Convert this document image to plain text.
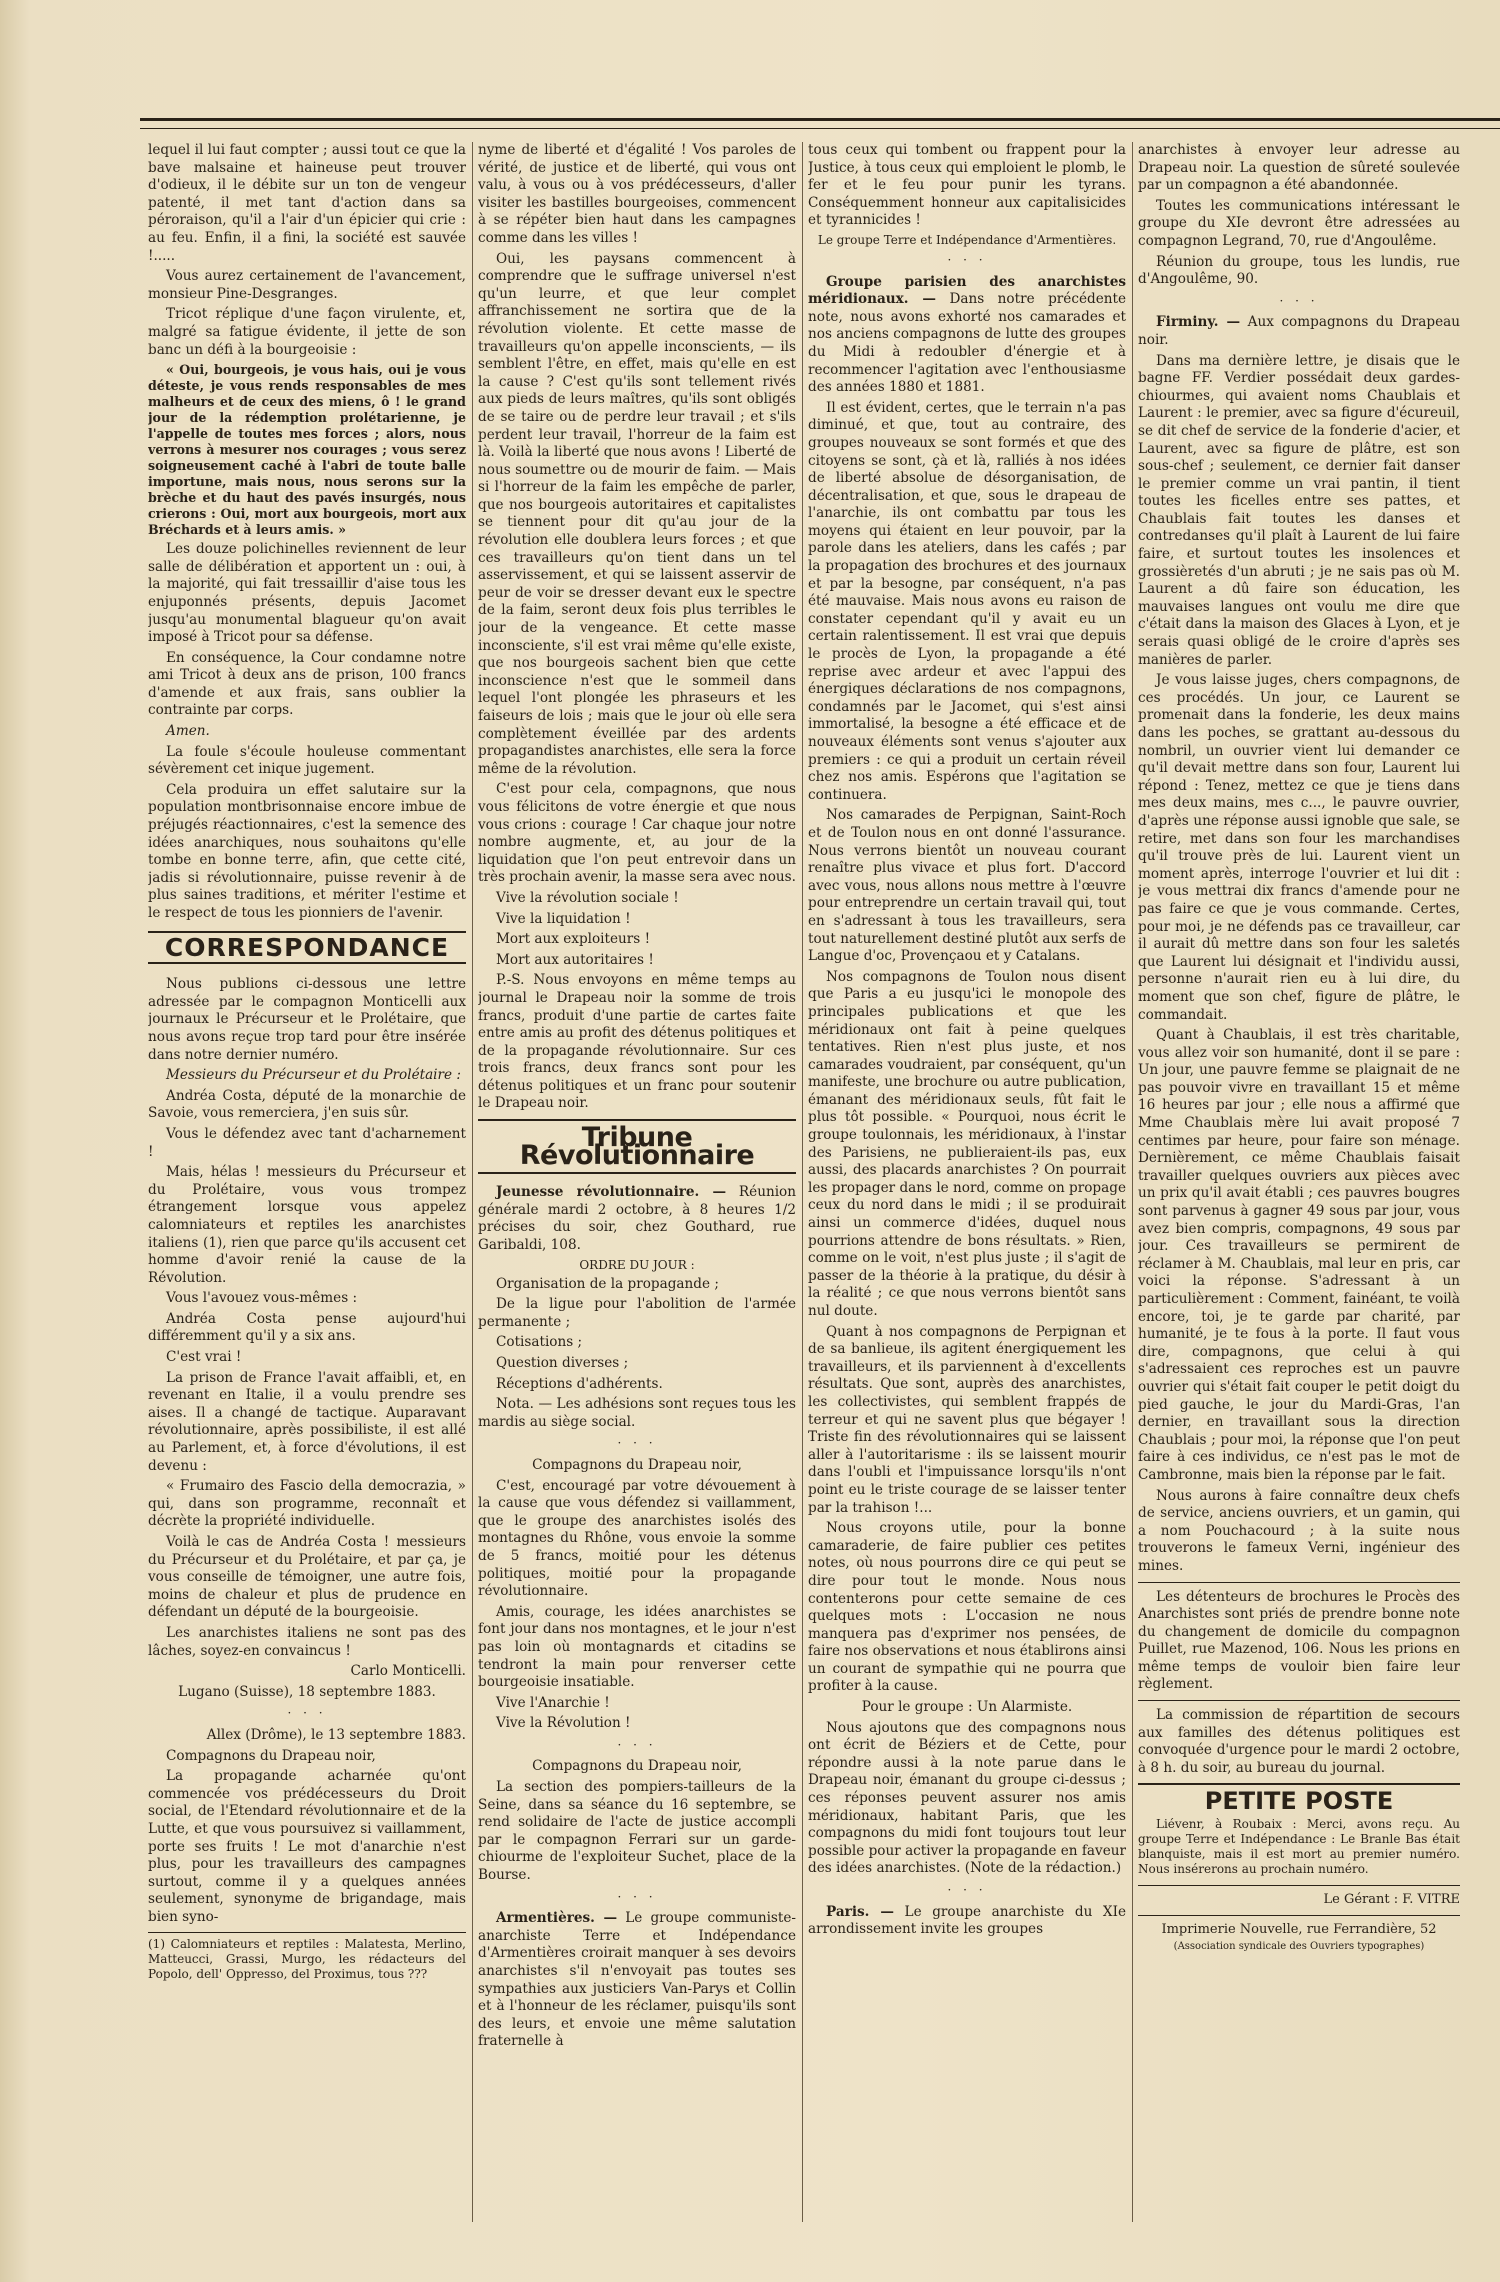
lequel il lui faut compter ; aussi tout ce que la bave malsaine et haineuse peut trouver d'odieux, il le débite sur un ton de vengeur patenté, il met tant d'action dans sa péroraison, qu'il a l'air d'un épicier qui crie : au feu. Enfin, il a fini, la société est sauvée !.....

Vous aurez certainement de l'avancement, monsieur Pine-Desgranges.

Tricot réplique d'une façon virulente, et, malgré sa fatigue évidente, il jette de son banc un défi à la bourgeoisie :

« Oui, bourgeois, je vous hais, oui je vous déteste, je vous rends responsables de mes malheurs et de ceux des miens, ô ! le grand jour de la rédemption prolétarienne, je l'appelle de toutes mes forces ; alors, nous verrons à mesurer nos courages ; vous serez soigneusement caché à l'abri de toute balle importune, mais nous, nous serons sur la brèche et du haut des pavés insurgés, nous crierons : Oui, mort aux bourgeois, mort aux Bréchards et à leurs amis. »

Les douze polichinelles reviennent de leur salle de délibération et apportent un : oui, à la majorité, qui fait tressaillir d'aise tous les enjuponnés présents, depuis Jacomet jusqu'au monumental blagueur qu'on avait imposé à Tricot pour sa défense.

En conséquence, la Cour condamne notre ami Tricot à deux ans de prison, 100 francs d'amende et aux frais, sans oublier la contrainte par corps.

Amen.

La foule s'écoule houleuse commentant sévèrement cet inique jugement.

Cela produira un effet salutaire sur la population montbrisonnaise encore imbue de préjugés réactionnaires, c'est la semence des idées anarchiques, nous souhaitons qu'elle tombe en bonne terre, afin, que cette cité, jadis si révolutionnaire, puisse revenir à de plus saines traditions, et mériter l'estime et le respect de tous les pionniers de l'avenir.

CORRESPONDANCE

Nous publions ci-dessous une lettre adressée par le compagnon Monticelli aux journaux le Précurseur et le Prolétaire, que nous avons reçue trop tard pour être insérée dans notre dernier numéro.

Messieurs du Précurseur et du Prolétaire :

Andréa Costa, député de la monarchie de Savoie, vous remerciera, j'en suis sûr.

Vous le défendez avec tant d'acharnement !

Mais, hélas ! messieurs du Précurseur et du Prolétaire, vous vous trompez étrangement lorsque vous appelez calomniateurs et reptiles les anarchistes italiens (1), rien que parce qu'ils accusent cet homme d'avoir renié la cause de la Révolution.

Vous l'avouez vous-mêmes :

Andréa Costa pense aujourd'hui différemment qu'il y a six ans.

C'est vrai !

La prison de France l'avait affaibli, et, en revenant en Italie, il a voulu prendre ses aises. Il a changé de tactique. Auparavant révolutionnaire, après possibiliste, il est allé au Parlement, et, à force d'évolutions, il est devenu :

« Frumairo des Fascio della democrazia, » qui, dans son programme, reconnaît et décrète la propriété individuelle.

Voilà le cas de Andréa Costa ! messieurs du Précurseur et du Prolétaire, et par ça, je vous conseille de témoigner, une autre fois, moins de chaleur et plus de prudence en défendant un député de la bourgeoisie.

Les anarchistes italiens ne sont pas des lâches, soyez-en convaincus !

Carlo Monticelli.

Lugano (Suisse), 18 septembre 1883.

· · ·

Allex (Drôme), le 13 septembre 1883.

Compagnons du Drapeau noir,

La propagande acharnée qu'ont commencée vos prédécesseurs du Droit social, de l'Etendard révolutionnaire et de la Lutte, et que vous poursuivez si vaillamment, porte ses fruits ! Le mot d'anarchie n'est plus, pour les travailleurs des campagnes surtout, comme il y a quelques années seulement, synonyme de brigandage, mais bien syno-

(1) Calomniateurs et reptiles : Malatesta, Merlino, Matteucci, Grassi, Murgo, les rédacteurs del Popolo, dell' Oppresso, del Proximus, tous ???

nyme de liberté et d'égalité ! Vos paroles de vérité, de justice et de liberté, qui vous ont valu, à vous ou à vos prédécesseurs, d'aller visiter les bastilles bourgeoises, commencent à se répéter bien haut dans les campagnes comme dans les villes !

Oui, les paysans commencent à comprendre que le suffrage universel n'est qu'un leurre, et que leur complet affranchissement ne sortira que de la révolution violente. Et cette masse de travailleurs qu'on appelle inconscients, — ils semblent l'être, en effet, mais qu'elle en est la cause ? C'est qu'ils sont tellement rivés aux pieds de leurs maîtres, qu'ils sont obligés de se taire ou de perdre leur travail ; et s'ils perdent leur travail, l'horreur de la faim est là. Voilà la liberté que nous avons ! Liberté de nous soumettre ou de mourir de faim. — Mais si l'horreur de la faim les empêche de parler, que nos bourgeois autoritaires et capitalistes se tiennent pour dit qu'au jour de la révolution elle doublera leurs forces ; et que ces travailleurs qu'on tient dans un tel asservissement, et qui se laissent asservir de peur de voir se dresser devant eux le spectre de la faim, seront deux fois plus terribles le jour de la vengeance. Et cette masse inconsciente, s'il est vrai même qu'elle existe, que nos bourgeois sachent bien que cette inconscience n'est que le sommeil dans lequel l'ont plongée les phraseurs et les faiseurs de lois ; mais que le jour où elle sera complètement éveillée par des ardents propagandistes anarchistes, elle sera la force même de la révolution.

C'est pour cela, compagnons, que nous vous félicitons de votre énergie et que nous vous crions : courage ! Car chaque jour notre nombre augmente, et, au jour de la liquidation que l'on peut entrevoir dans un très prochain avenir, la masse sera avec nous.

Vive la révolution sociale !

Vive la liquidation !

Mort aux exploiteurs !

Mort aux autoritaires !

P.-S. Nous envoyons en même temps au journal le Drapeau noir la somme de trois francs, produit d'une partie de cartes faite entre amis au profit des détenus politiques et de la propagande révolutionnaire. Sur ces trois francs, deux francs sont pour les détenus politiques et un franc pour soutenir le Drapeau noir.

Tribune Révolutionnaire

Jeunesse révolutionnaire. — Réunion générale mardi 2 octobre, à 8 heures 1/2 précises du soir, chez Gouthard, rue Garibaldi, 108.

ORDRE DU JOUR :

Organisation de la propagande ;

De la ligue pour l'abolition de l'armée permanente ;

Cotisations ;

Question diverses ;

Réceptions d'adhérents.

Nota. — Les adhésions sont reçues tous les mardis au siège social.

· · ·

Compagnons du Drapeau noir,

C'est, encouragé par votre dévouement à la cause que vous défendez si vaillamment, que le groupe des anarchistes isolés des montagnes du Rhône, vous envoie la somme de 5 francs, moitié pour les détenus politiques, moitié pour la propagande révolutionnaire.

Amis, courage, les idées anarchistes se font jour dans nos montagnes, et le jour n'est pas loin où montagnards et citadins se tendront la main pour renverser cette bourgeoisie insatiable.

Vive l'Anarchie !

Vive la Révolution !

· · ·

Compagnons du Drapeau noir,

La section des pompiers-tailleurs de la Seine, dans sa séance du 16 septembre, se rend solidaire de l'acte de justice accompli par le compagnon Ferrari sur un garde-chiourme de l'exploiteur Suchet, place de la Bourse.

· · ·

Armentières. — Le groupe communiste-anarchiste Terre et Indépendance d'Armentières croirait manquer à ses devoirs anarchistes s'il n'envoyait pas toutes ses sympathies aux justiciers Van-Parys et Collin et à l'honneur de les réclamer, puisqu'ils sont des leurs, et envoie une même salutation fraternelle à

tous ceux qui tombent ou frappent pour la Justice, à tous ceux qui emploient le plomb, le fer et le feu pour punir les tyrans. Conséquemment honneur aux capitalisicides et tyrannicides !

Le groupe Terre et Indépendance d'Armentières.

· · ·

Groupe parisien des anarchistes méridionaux. — Dans notre précédente note, nous avons exhorté nos camarades et nos anciens compagnons de lutte des groupes du Midi à redoubler d'énergie et à recommencer l'agitation avec l'enthousiasme des années 1880 et 1881.

Il est évident, certes, que le terrain n'a pas diminué, et que, tout au contraire, des groupes nouveaux se sont formés et que des citoyens se sont, çà et là, ralliés à nos idées de liberté absolue de désorganisation, de décentralisation, et que, sous le drapeau de l'anarchie, ils ont combattu par tous les moyens qui étaient en leur pouvoir, par la parole dans les ateliers, dans les cafés ; par la propagation des brochures et des journaux et par la besogne, par conséquent, n'a pas été mauvaise. Mais nous avons eu raison de constater cependant qu'il y avait eu un certain ralentissement. Il est vrai que depuis le procès de Lyon, la propagande a été reprise avec ardeur et avec l'appui des énergiques déclarations de nos compagnons, condamnés par le Jacomet, qui s'est ainsi immortalisé, la besogne a été efficace et de nouveaux éléments sont venus s'ajouter aux premiers : ce qui a produit un certain réveil chez nos amis. Espérons que l'agitation se continuera.

Nos camarades de Perpignan, Saint-Roch et de Toulon nous en ont donné l'assurance. Nous verrons bientôt un nouveau courant renaître plus vivace et plus fort. D'accord avec vous, nous allons nous mettre à l'œuvre pour entreprendre un certain travail qui, tout en s'adressant à tous les travailleurs, sera tout naturellement destiné plutôt aux serfs de Langue d'oc, Provençaou et y Catalans.

Nos compagnons de Toulon nous disent que Paris a eu jusqu'ici le monopole des principales publications et que les méridionaux ont fait à peine quelques tentatives. Rien n'est plus juste, et nos camarades voudraient, par conséquent, qu'un manifeste, une brochure ou autre publication, émanant des méridionaux seuls, fût fait le plus tôt possible. « Pourquoi, nous écrit le groupe toulonnais, les méridionaux, à l'instar des Parisiens, ne publieraient-ils pas, eux aussi, des placards anarchistes ? On pourrait les propager dans le nord, comme on propage ceux du nord dans le midi ; il se produirait ainsi un commerce d'idées, duquel nous pourrions attendre de bons résultats. » Rien, comme on le voit, n'est plus juste ; il s'agit de passer de la théorie à la pratique, du désir à la réalité ; ce que nous verrons bientôt sans nul doute.

Quant à nos compagnons de Perpignan et de sa banlieue, ils agitent énergiquement les travailleurs, et ils parviennent à d'excellents résultats. Que sont, auprès des anarchistes, les collectivistes, qui semblent frappés de terreur et qui ne savent plus que bégayer ! Triste fin des révolutionnaires qui se laissent aller à l'autoritarisme : ils se laissent mourir dans l'oubli et l'impuissance lorsqu'ils n'ont point eu le triste courage de se laisser tenter par la trahison !...

Nous croyons utile, pour la bonne camaraderie, de faire publier ces petites notes, où nous pourrons dire ce qui peut se dire pour tout le monde. Nous nous contenterons pour cette semaine de ces quelques mots : L'occasion ne nous manquera pas d'exprimer nos pensées, de faire nos observations et nous établirons ainsi un courant de sympathie qui ne pourra que profiter à la cause.

Pour le groupe : Un Alarmiste.

Nous ajoutons que des compagnons nous ont écrit de Béziers et de Cette, pour répondre aussi à la note parue dans le Drapeau noir, émanant du groupe ci-dessus ; ces réponses peuvent assurer nos amis méridionaux, habitant Paris, que les compagnons du midi font toujours tout leur possible pour activer la propagande en faveur des idées anarchistes. (Note de la rédaction.)

· · ·

Paris. — Le groupe anarchiste du XIe arrondissement invite les groupes

anarchistes à envoyer leur adresse au Drapeau noir. La question de sûreté soulevée par un compagnon a été abandonnée.

Toutes les communications intéressant le groupe du XIe devront être adressées au compagnon Legrand, 70, rue d'Angoulême.

Réunion du groupe, tous les lundis, rue d'Angoulême, 90.

· · ·

Firminy. — Aux compagnons du Drapeau noir.

Dans ma dernière lettre, je disais que le bagne FF. Verdier possédait deux gardes-chiourmes, qui avaient noms Chaublais et Laurent : le premier, avec sa figure d'écureuil, se dit chef de service de la fonderie d'acier, et Laurent, avec sa figure de plâtre, est son sous-chef ; seulement, ce dernier fait danser le premier comme un vrai pantin, il tient toutes les ficelles entre ses pattes, et Chaublais fait toutes les danses et contredanses qu'il plaît à Laurent de lui faire faire, et surtout toutes les insolences et grossièretés d'un abruti ; je ne sais pas où M. Laurent a dû faire son éducation, les mauvaises langues ont voulu me dire que c'était dans la maison des Glaces à Lyon, et je serais quasi obligé de le croire d'après ses manières de parler.

Je vous laisse juges, chers compagnons, de ces procédés. Un jour, ce Laurent se promenait dans la fonderie, les deux mains dans les poches, se grattant au-dessous du nombril, un ouvrier vient lui demander ce qu'il devait mettre dans son four, Laurent lui répond : Tenez, mettez ce que je tiens dans mes deux mains, mes c..., le pauvre ouvrier, d'après une réponse aussi ignoble que sale, se retire, met dans son four les marchandises qu'il trouve près de lui. Laurent vient un moment après, interroge l'ouvrier et lui dit : je vous mettrai dix francs d'amende pour ne pas faire ce que je vous commande. Certes, pour moi, je ne défends pas ce travailleur, car il aurait dû mettre dans son four les saletés que Laurent lui désignait et l'individu aussi, personne n'aurait rien eu à lui dire, du moment que son chef, figure de plâtre, le commandait.

Quant à Chaublais, il est très charitable, vous allez voir son humanité, dont il se pare : Un jour, une pauvre femme se plaignait de ne pas pouvoir vivre en travaillant 15 et même 16 heures par jour ; elle nous a affirmé que Mme Chaublais mère lui avait proposé 7 centimes par heure, pour faire son ménage. Dernièrement, ce même Chaublais faisait travailler quelques ouvriers aux pièces avec un prix qu'il avait établi ; ces pauvres bougres sont parvenus à gagner 49 sous par jour, vous avez bien compris, compagnons, 49 sous par jour. Ces travailleurs se permirent de réclamer à M. Chaublais, mal leur en pris, car voici la réponse. S'adressant à un particulièrement : Comment, fainéant, te voilà encore, toi, je te garde par charité, par humanité, je te fous à la porte. Il faut vous dire, compagnons, que celui à qui s'adressaient ces reproches est un pauvre ouvrier qui s'était fait couper le petit doigt du pied gauche, le jour du Mardi-Gras, l'an dernier, en travaillant sous la direction Chaublais ; pour moi, la réponse que l'on peut faire à ces individus, ce n'est pas le mot de Cambronne, mais bien la réponse par le fait.

Nous aurons à faire connaître deux chefs de service, anciens ouvriers, et un gamin, qui a nom Pouchacourd ; à la suite nous trouverons le fameux Verni, ingénieur des mines.

Les détenteurs de brochures le Procès des Anarchistes sont priés de prendre bonne note du changement de domicile du compagnon Puillet, rue Mazenod, 106. Nous les prions en même temps de vouloir bien faire leur règlement.

La commission de répartition de secours aux familles des détenus politiques est convoquée d'urgence pour le mardi 2 octobre, à 8 h. du soir, au bureau du journal.

PETITE POSTE

Liévenr, à Roubaix : Merci, avons reçu. Au groupe Terre et Indépendance : Le Branle Bas était blanquiste, mais il est mort au premier numéro. Nous insérerons au prochain numéro.

Le Gérant : F. VITRE
Imprimerie Nouvelle, rue Ferrandière, 52
(Association syndicale des Ouvriers typographes)
